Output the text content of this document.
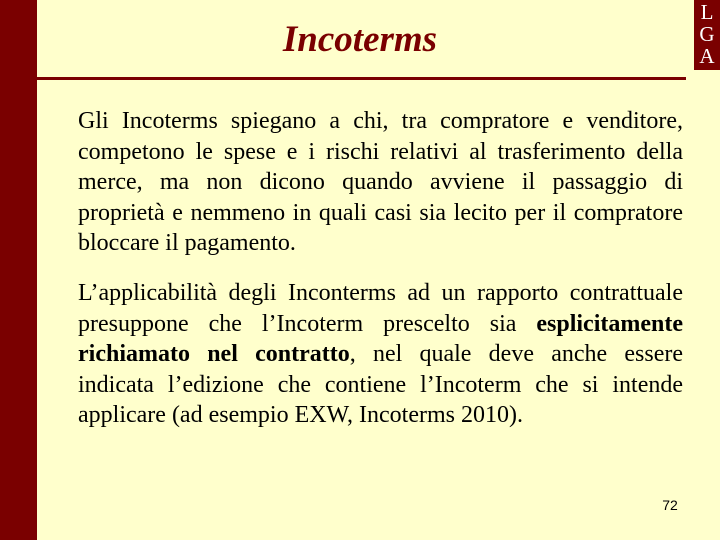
Incoterms
L
G
A

Gli Incoterms spiegano a chi, tra compratore e venditore, competono le spese e i rischi relativi al trasferimento della merce, ma non dicono quando avviene il passaggio di proprietà e nemmeno in quali casi sia lecito per il compratore bloccare il pagamento.

L’applicabilità degli Inconterms ad un rapporto contrattuale presuppone che l’Incoterm prescelto sia esplicitamente richiamato nel contratto, nel quale deve anche essere indicata l’edizione che contiene l’Incoterm che si intende applicare (ad esempio EXW, Incoterms 2010).

72
